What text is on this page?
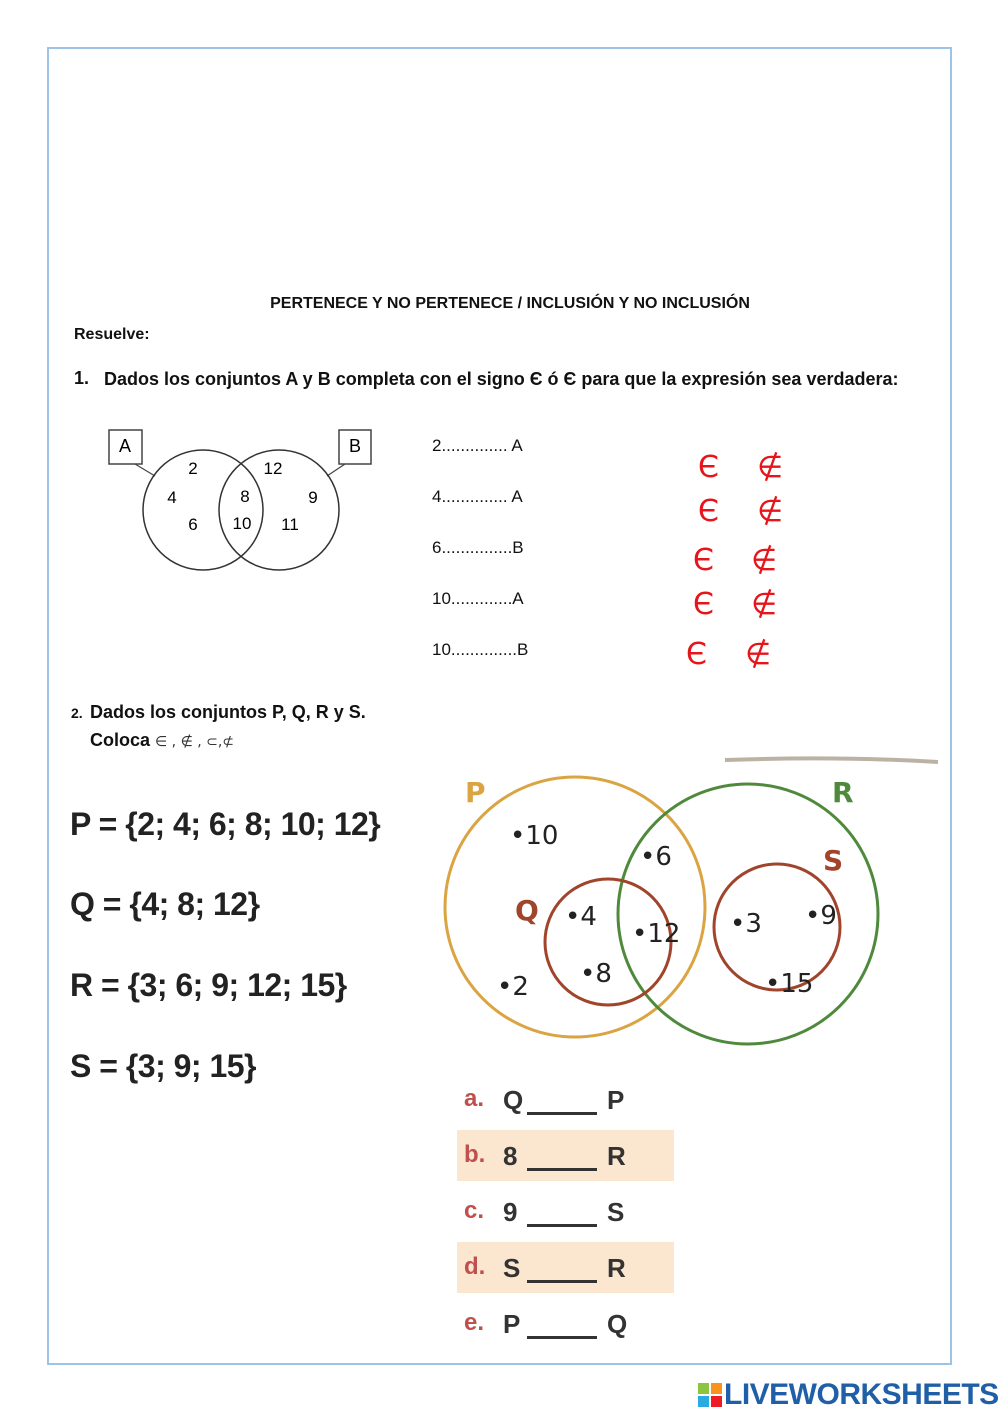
PERTENECE Y NO PERTENECE / INCLUSIÓN Y NO INCLUSIÓN
Resuelve:
1. Dados los conjuntos A y B completa con el signo Є ó Є para que la expresión sea verdadera:
A	B
2
4
6
8
10
12
9
11
2.............. A
4.............. A
6...............B
10.............A
10..............B
Є ∉
Є ∉
Є ∉
Є ∉
Є ∉
2. Dados los conjuntos P, Q, R y S.
Coloca ∈ , ∉ , ⊂,⊄
P = {2; 4; 6; 8; 10; 12}
Q = {4; 8; 12}
R = {3; 6; 9; 12; 15}
S = {3; 9; 15}
P	R
Q
S
•10
•2
•6
•4
•8
•12 •3 •9
•15
a. Q	P
b. 8	R
c. 9	S
d. S	R
e. P	Q
LIVEWORKSHEETS
